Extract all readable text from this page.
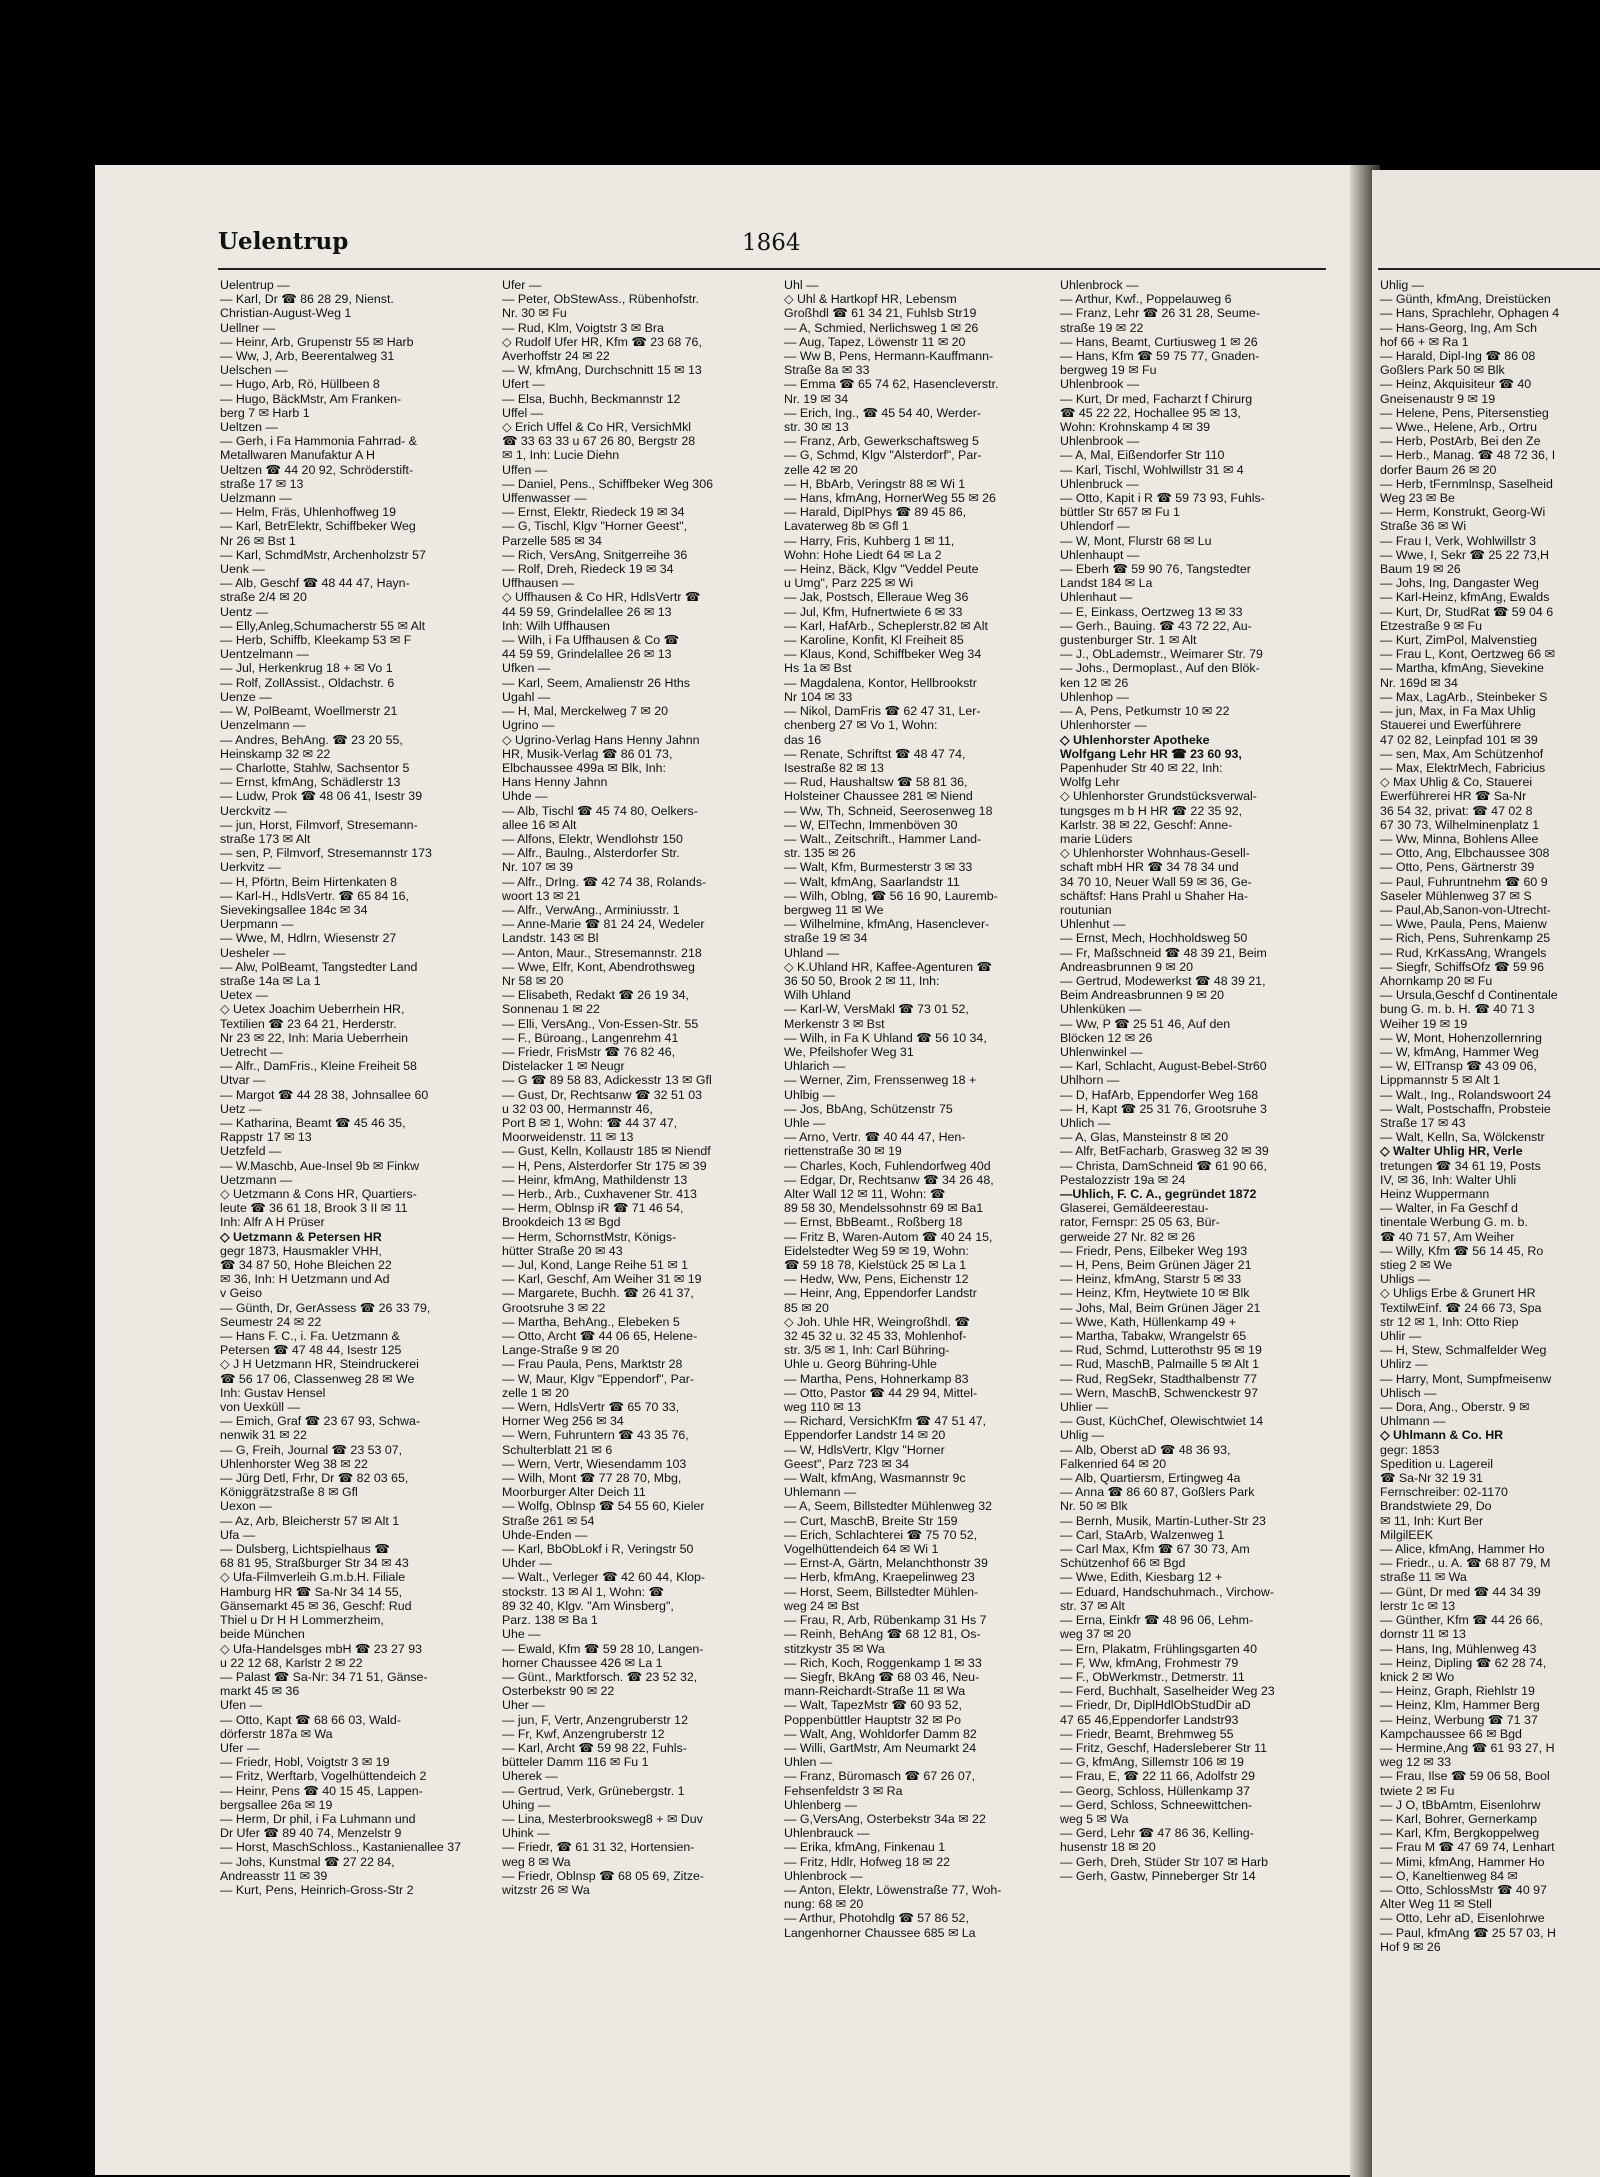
Uelentrup	1864
Uelentrup —
— Karl, Dr ☎ 86 28 29, Nienst.
Christian-August-Weg 1
Uellner —
— Heinr, Arb, Grupenstr 55 ✉ Harb
— Ww, J, Arb, Beerentalweg 31
Uelschen —
— Hugo, Arb, Rö, Hüllbeen 8
— Hugo, BäckMstr, Am Franken-
berg 7 ✉ Harb 1
Ueltzen —
— Gerh, i Fa Hammonia Fahrrad- &
Metallwaren Manufaktur A H
Ueltzen ☎ 44 20 92, Schröderstift-
straße 17 ✉ 13
Uelzmann —
— Helm, Fräs, Uhlenhoffweg 19
— Karl, BetrElektr, Schiffbeker Weg
Nr 26 ✉ Bst 1
— Karl, SchmdMstr, Archenholzstr 57
Uenk —
— Alb, Geschf ☎ 48 44 47, Hayn-
straße 2/4 ✉ 20
Uentz —
— Elly,Anleg,Schumacherstr 55 ✉ Alt
— Herb, Schiffb, Kleekamp 53 ✉ F
Uentzelmann —
— Jul, Herkenkrug 18 + ✉ Vo 1
— Rolf, ZollAssist., Oldachstr. 6
Uenze —
— W, PolBeamt, Woellmerstr 21
Uenzelmann —
— Andres, BehAng. ☎ 23 20 55,
Heinskamp 32 ✉ 22
— Charlotte, Stahlw, Sachsentor 5
— Ernst, kfmAng, Schädlerstr 13
— Ludw, Prok ☎ 48 06 41, Isestr 39
Uerckvitz —
— jun, Horst, Filmvorf, Stresemann-
straße 173 ✉ Alt
— sen, P, Filmvorf, Stresemannstr 173
Uerkvitz —
— H, Pförtn, Beim Hirtenkaten 8
— Karl-H., HdlsVertr. ☎ 65 84 16,
Sievekingsallee 184c ✉ 34
Uerpmann —
— Wwe, M, Hdlrn, Wiesenstr 27
Uesheler —
— Alw, PolBeamt, Tangstedter Land
straße 14a ✉ La 1
Uetex —
◇ Uetex Joachim Ueberrhein HR,
Textilien ☎ 23 64 21, Herderstr.
Nr 23 ✉ 22, Inh: Maria Ueberrhein
Uetrecht —
— Alfr., DamFris., Kleine Freiheit 58
Utvar —
— Margot ☎ 44 28 38, Johnsallee 60
Uetz —
— Katharina, Beamt ☎ 45 46 35,
Rappstr 17 ✉ 13
Uetzfeld —
— W.Maschb, Aue-Insel 9b ✉ Finkw
Uetzmann —
◇ Uetzmann & Cons HR, Quartiers-
leute ☎ 36 61 18, Brook 3 II ✉ 11
Inh: Alfr A H Prüser
◇ Uetzmann & Petersen HR
gegr 1873, Hausmakler VHH,
☎ 34 87 50, Hohe Bleichen 22
✉ 36, Inh: H Uetzmann und Ad
v Geiso
— Günth, Dr, GerAssess ☎ 26 33 79,
Seumestr 24 ✉ 22
— Hans F. C., i. Fa. Uetzmann &
Petersen ☎ 47 48 44, Isestr 125
◇ J H Uetzmann HR, Steindruckerei
☎ 56 17 06, Classenweg 28 ✉ We
Inh: Gustav Hensel
von Uexküll —
— Emich, Graf ☎ 23 67 93, Schwa-
nenwik 31 ✉ 22
— G, Freih, Journal ☎ 23 53 07,
Uhlenhorster Weg 38 ✉ 22
— Jürg Detl, Frhr, Dr ☎ 82 03 65,
Königgrätzstraße 8 ✉ Gfl
Uexon —
— Az, Arb, Bleicherstr 57 ✉ Alt 1
Ufa —
— Dulsberg, Lichtspielhaus ☎
68 81 95, Straßburger Str 34 ✉ 43
◇ Ufa-Filmverleih G.m.b.H. Filiale
Hamburg HR ☎ Sa-Nr 34 14 55,
Gänsemarkt 45 ✉ 36, Geschf: Rud
Thiel u Dr H H Lommerzheim,
beide München
◇ Ufa-Handelsges mbH ☎ 23 27 93
u 22 12 68, Karlstr 2 ✉ 22
— Palast ☎ Sa-Nr: 34 71 51, Gänse-
markt 45 ✉ 36
Ufen —
— Otto, Kapt ☎ 68 66 03, Wald-
dörferstr 187a ✉ Wa
Ufer —
— Friedr, Hobl, Voigtstr 3 ✉ 19
— Fritz, Werftarb, Vogelhüttendeich 2
— Heinr, Pens ☎ 40 15 45, Lappen-
bergsallee 26a ✉ 19
— Herm, Dr phil, i Fa Luhmann und
Dr Ufer ☎ 89 40 74, Menzelstr 9
— Horst, MaschSchloss., Kastanienallee 37
— Johs, Kunstmal ☎ 27 22 84,
Andreasstr 11 ✉ 39
— Kurt, Pens, Heinrich-Gross-Str 2
Ufer —
— Peter, ObStewAss., Rübenhofstr.
Nr. 30 ✉ Fu
— Rud, Klm, Voigtstr 3 ✉ Bra
◇ Rudolf Ufer HR, Kfm ☎ 23 68 76,
Averhoffstr 24 ✉ 22
— W, kfmAng, Durchschnitt 15 ✉ 13
Ufert —
— Elsa, Buchh, Beckmannstr 12
Uffel —
◇ Erich Uffel & Co HR, VersichMkl
☎ 33 63 33 u 67 26 80, Bergstr 28
✉ 1, Inh: Lucie Diehn
Uffen —
— Daniel, Pens., Schiffbeker Weg 306
Uffenwasser —
— Ernst, Elektr, Riedeck 19 ✉ 34
— G, Tischl, Klgv "Horner Geest",
Parzelle 585 ✉ 34
— Rich, VersAng, Snitgerreihe 36
— Rolf, Dreh, Riedeck 19 ✉ 34
Uffhausen —
◇ Uffhausen & Co HR, HdlsVertr ☎
44 59 59, Grindelallee 26 ✉ 13
Inh: Wilh Uffhausen
— Wilh, i Fa Uffhausen & Co ☎
44 59 59, Grindelallee 26 ✉ 13
Ufken —
— Karl, Seem, Amalienstr 26 Hths
Ugahl —
— H, Mal, Merckelweg 7 ✉ 20
Ugrino —
◇ Ugrino-Verlag Hans Henny Jahnn
HR, Musik-Verlag ☎ 86 01 73,
Elbchaussee 499a ✉ Blk, Inh:
Hans Henny Jahnn
Uhde —
— Alb, Tischl ☎ 45 74 80, Oelkers-
allee 16 ✉ Alt
— Alfons, Elektr, Wendlohstr 150
— Alfr., Baulng., Alsterdorfer Str.
Nr. 107 ✉ 39
— Alfr., DrIng. ☎ 42 74 38, Rolands-
woort 13 ✉ 21
— Alfr., VerwAng., Arminiusstr. 1
— Anne-Marie ☎ 81 24 24, Wedeler
Landstr. 143 ✉ Bl
— Anton, Maur., Stresemannstr. 218
— Wwe, Elfr, Kont, Abendrothsweg
Nr 58 ✉ 20
— Elisabeth, Redakt ☎ 26 19 34,
Sonnenau 1 ✉ 22
— Elli, VersAng., Von-Essen-Str. 55
— F., Büroang., Langenrehm 41
— Friedr, FrisMstr ☎ 76 82 46,
Distelacker 1 ✉ Neugr
— G ☎ 89 58 83, Adickesstr 13 ✉ Gfl
— Gust, Dr, Rechtsanw ☎ 32 51 03
u 32 03 00, Hermannstr 46,
Port B ✉ 1, Wohn: ☎ 44 37 47,
Moorweidenstr. 11 ✉ 13
— Gust, Kelln, Kollaustr 185 ✉ Niendf
— H, Pens, Alsterdorfer Str 175 ✉ 39
— Heinr, kfmAng, Mathildenstr 13
— Herb., Arb., Cuxhavener Str. 413
— Herm, Oblnsp iR ☎ 71 46 54,
Brookdeich 13 ✉ Bgd
— Herm, SchornstMstr, Königs-
hütter Straße 20 ✉ 43
— Jul, Kond, Lange Reihe 51 ✉ 1
— Karl, Geschf, Am Weiher 31 ✉ 19
— Margarete, Buchh. ☎ 26 41 37,
Grootsruhe 3 ✉ 22
— Martha, BehAng., Elebeken 5
— Otto, Archt ☎ 44 06 65, Helene-
Lange-Straße 9 ✉ 20
— Frau Paula, Pens, Marktstr 28
— W, Maur, Klgv "Eppendorf", Par-
zelle 1 ✉ 20
— Wern, HdlsVertr ☎ 65 70 33,
Horner Weg 256 ✉ 34
— Wern, Fuhruntern ☎ 43 35 76,
Schulterblatt 21 ✉ 6
— Wern, Vertr, Wiesendamm 103
— Wilh, Mont ☎ 77 28 70, Mbg,
Moorburger Alter Deich 11
— Wolfg, Oblnsp ☎ 54 55 60, Kieler
Straße 261 ✉ 54
Uhde-Enden —
— Karl, BbObLokf i R, Veringstr 50
Uhder —
— Walt., Verleger ☎ 42 60 44, Klop-
stockstr. 13 ✉ Al 1, Wohn: ☎
89 32 40, Klgv. "Am Winsberg",
Parz. 138 ✉ Ba 1
Uhe —
— Ewald, Kfm ☎ 59 28 10, Langen-
horner Chaussee 426 ✉ La 1
— Günt., Marktforsch. ☎ 23 52 32,
Osterbekstr 90 ✉ 22
Uher —
— jun, F, Vertr, Anzengruberstr 12
— Fr, Kwf, Anzengruberstr 12
— Karl, Archt ☎ 59 98 22, Fuhls-
bütteler Damm 116 ✉ Fu 1
Uherek —
— Gertrud, Verk, Grünebergstr. 1
Uhing —
— Lina, Mesterbrooksweg8 + ✉ Duv
Uhink —
— Friedr, ☎ 61 31 32, Hortensien-
weg 8 ✉ Wa
— Friedr, Oblnsp ☎ 68 05 69, Zitze-
witzstr 26 ✉ Wa
Uhl —
◇ Uhl & Hartkopf HR, Lebensm
Großhdl ☎ 61 34 21, Fuhlsb Str19
— A, Schmied, Nerlichsweg 1 ✉ 26
— Aug, Tapez, Löwenstr 11 ✉ 20
— Ww B, Pens, Hermann-Kauffmann-
Straße 8a ✉ 33
— Emma ☎ 65 74 62, Hasencleverstr.
Nr. 19 ✉ 34
— Erich, Ing., ☎ 45 54 40, Werder-
str. 30 ✉ 13
— Franz, Arb, Gewerkschaftsweg 5
— G, Schmd, Klgv "Alsterdorf", Par-
zelle 42 ✉ 20
— H, BbArb, Veringstr 88 ✉ Wi 1
— Hans, kfmAng, HornerWeg 55 ✉ 26
— Harald, DiplPhys ☎ 89 45 86,
Lavaterweg 8b ✉ Gfl 1
— Harry, Fris, Kuhberg 1 ✉ 11,
Wohn: Hohe Liedt 64 ✉ La 2
— Heinz, Bäck, Klgv "Veddel Peute
u Umg", Parz 225 ✉ Wi
— Jak, Postsch, Elleraue Weg 36
— Jul, Kfm, Hufnertwiete 6 ✉ 33
— Karl, HafArb., Scheplerstr.82 ✉ Alt
— Karoline, Konfit, Kl Freiheit 85
— Klaus, Kond, Schiffbeker Weg 34
Hs 1a ✉ Bst
— Magdalena, Kontor, Hellbrookstr
Nr 104 ✉ 33
— Nikol, DamFris ☎ 62 47 31, Ler-
chenberg 27 ✉ Vo 1, Wohn:
das 16
— Renate, Schriftst ☎ 48 47 74,
Isestraße 82 ✉ 13
— Rud, Haushaltsw ☎ 58 81 36,
Holsteiner Chaussee 281 ✉ Niend
— Ww, Th, Schneid, Seerosenweg 18
— W, ElTechn, Immenböven 30
— Walt., Zeitschrift., Hammer Land-
str. 135 ✉ 26
— Walt, Kfm, Burmesterstr 3 ✉ 33
— Walt, kfmAng, Saarlandstr 11
— Wilh, Oblng, ☎ 56 16 90, Lauremb-
bergweg 11 ✉ We
— Wilhelmine, kfmAng, Hasenclever-
straße 19 ✉ 34
Uhland —
◇ K.Uhland HR, Kaffee-Agenturen ☎
36 50 50, Brook 2 ✉ 11, Inh:
Wilh Uhland
— Karl-W, VersMakl ☎ 73 01 52,
Merkenstr 3 ✉ Bst
— Wilh, in Fa K Uhland ☎ 56 10 34,
We, Pfeilshofer Weg 31
Uhlarich —
— Werner, Zim, Frenssenweg 18 +
Uhlbig —
— Jos, BbAng, Schützenstr 75
Uhle —
— Arno, Vertr. ☎ 40 44 47, Hen-
riettenstraße 30 ✉ 19
— Charles, Koch, Fuhlendorfweg 40d
— Edgar, Dr, Rechtsanw ☎ 34 26 48,
Alter Wall 12 ✉ 11, Wohn: ☎
89 58 30, Mendelssohnstr 69 ✉ Ba1
— Ernst, BbBeamt., Roßberg 18
— Fritz B, Waren-Autom ☎ 40 24 15,
Eidelstedter Weg 59 ✉ 19, Wohn:
☎ 59 18 78, Kielstück 25 ✉ La 1
— Hedw, Ww, Pens, Eichenstr 12
— Heinr, Ang, Eppendorfer Landstr
85 ✉ 20
◇ Joh. Uhle HR, Weingroßhdl. ☎
32 45 32 u. 32 45 33, Mohlenhof-
str. 3/5 ✉ 1, Inh: Carl Bühring-
Uhle u. Georg Bühring-Uhle
— Martha, Pens, Hohnerkamp 83
— Otto, Pastor ☎ 44 29 94, Mittel-
weg 110 ✉ 13
— Richard, VersichKfm ☎ 47 51 47,
Eppendorfer Landstr 14 ✉ 20
— W, HdlsVertr, Klgv "Horner
Geest", Parz 723 ✉ 34
— Walt, kfmAng, Wasmannstr 9c
Uhlemann —
— A, Seem, Billstedter Mühlenweg 32
— Curt, MaschB, Breite Str 159
— Erich, Schlachterei ☎ 75 70 52,
Vogelhüttendeich 64 ✉ Wi 1
— Ernst-A, Gärtn, Melanchthonstr 39
— Herb, kfmAng, Kraepelinweg 23
— Horst, Seem, Billstedter Mühlen-
weg 24 ✉ Bst
— Frau, R, Arb, Rübenkamp 31 Hs 7
— Reinh, BehAng ☎ 68 12 81, Os-
stitzkystr 35 ✉ Wa
— Rich, Koch, Roggenkamp 1 ✉ 33
— Siegfr, BkAng ☎ 68 03 46, Neu-
mann-Reichardt-Straße 11 ✉ Wa
— Walt, TapezMstr ☎ 60 93 52,
Poppenbüttler Hauptstr 32 ✉ Po
— Walt, Ang, Wohldorfer Damm 82
— Willi, GartMstr, Am Neumarkt 24
Uhlen —
— Franz, Büromasch ☎ 67 26 07,
Fehsenfeldstr 3 ✉ Ra
Uhlenberg —
— G,VersAng, Osterbekstr 34a ✉ 22
Uhlenbrauck —
— Erika, kfmAng, Finkenau 1
— Fritz, Hdlr, Hofweg 18 ✉ 22
Uhlenbrock —
— Anton, Elektr, Löwenstraße 77, Woh-
nung: 68 ✉ 20
— Arthur, Photohdlg ☎ 57 86 52,
Langenhorner Chaussee 685 ✉ La
Uhlenbrock —
— Arthur, Kwf., Poppelauweg 6
— Franz, Lehr ☎ 26 31 28, Seume-
straße 19 ✉ 22
— Hans, Beamt, Curtiusweg 1 ✉ 26
— Hans, Kfm ☎ 59 75 77, Gnaden-
bergweg 19 ✉ Fu
Uhlenbrook —
— Kurt, Dr med, Facharzt f Chirurg
☎ 45 22 22, Hochallee 95 ✉ 13,
Wohn: Krohnskamp 4 ✉ 39
Uhlenbrook —
— A, Mal, Eißendorfer Str 110
— Karl, Tischl, Wohlwillstr 31 ✉ 4
Uhlenbruck —
— Otto, Kapit i R ☎ 59 73 93, Fuhls-
büttler Str 657 ✉ Fu 1
Uhlendorf —
— W, Mont, Flurstr 68 ✉ Lu
Uhlenhaupt —
— Eberh ☎ 59 90 76, Tangstedter
Landst 184 ✉ La
Uhlenhaut —
— E, Einkass, Oertzweg 13 ✉ 33
— Gerh., Bauing. ☎ 43 72 22, Au-
gustenburger Str. 1 ✉ Alt
— J., ObLademstr., Weimarer Str. 79
— Johs., Dermoplast., Auf den Blök-
ken 12 ✉ 26
Uhlenhop —
— A, Pens, Petkumstr 10 ✉ 22
Uhlenhorster —
◇ Uhlenhorster Apotheke
Wolfgang Lehr HR ☎ 23 60 93,
Papenhuder Str 40 ✉ 22, Inh:
Wolfg Lehr
◇ Uhlenhorster Grundstücksverwal-
tungsges m b H HR ☎ 22 35 92,
Karlstr. 38 ✉ 22, Geschf: Anne-
marie Lüders
◇ Uhlenhorster Wohnhaus-Gesell-
schaft mbH HR ☎ 34 78 34 und
34 70 10, Neuer Wall 59 ✉ 36, Ge-
schäftsf: Hans Prahl u Shaher Ha-
routunian
Uhlenhut —
— Ernst, Mech, Hochholdsweg 50
— Fr, Maßschneid ☎ 48 39 21, Beim
Andreasbrunnen 9 ✉ 20
— Gertrud, Modewerkst ☎ 48 39 21,
Beim Andreasbrunnen 9 ✉ 20
Uhlenküken —
— Ww, P ☎ 25 51 46, Auf den
Blöcken 12 ✉ 26
Uhlenwinkel —
— Karl, Schlacht, August-Bebel-Str60
Uhlhorn —
— D, HafArb, Eppendorfer Weg 168
— H, Kapt ☎ 25 31 76, Grootsruhe 3
Uhlich —
— A, Glas, Mansteinstr 8 ✉ 20
— Alfr, BetFacharb, Grasweg 32 ✉ 39
— Christa, DamSchneid ☎ 61 90 66,
Pestalozzistr 19a ✉ 24
—Uhlich, F. C. A., gegründet 1872
Glaserei, Gemäldeerestau-
rator, Fernspr: 25 05 63, Bür-
gerweide 27 Nr. 82 ✉ 26
— Friedr, Pens, Eilbeker Weg 193
— H, Pens, Beim Grünen Jäger 21
— Heinz, kfmAng, Starstr 5 ✉ 33
— Heinz, Kfm, Heytwiete 10 ✉ Blk
— Johs, Mal, Beim Grünen Jäger 21
— Wwe, Kath, Hüllenkamp 49 +
— Martha, Tabakw, Wrangelstr 65
— Rud, Schmd, Lutterothstr 95 ✉ 19
— Rud, MaschB, Palmaille 5 ✉ Alt 1
— Rud, RegSekr, Stadthalbenstr 77
— Wern, MaschB, Schwenckestr 97
Uhlier —
— Gust, KüchChef, Olewischtwiet 14
Uhlig —
— Alb, Oberst aD ☎ 48 36 93,
Falkenried 64 ✉ 20
— Alb, Quartiersm, Ertingweg 4a
— Anna ☎ 86 60 87, Goßlers Park
Nr. 50 ✉ Blk
— Bernh, Musik, Martin-Luther-Str 23
— Carl, StaArb, Walzenweg 1
— Carl Max, Kfm ☎ 67 30 73, Am
Schützenhof 66 ✉ Bgd
— Wwe, Edith, Kiesbarg 12 +
— Eduard, Handschuhmach., Virchow-
str. 37 ✉ Alt
— Erna, Einkfr ☎ 48 96 06, Lehm-
weg 37 ✉ 20
— Ern, Plakatm, Frühlingsgarten 40
— F, Ww, kfmAng, Frohmestr 79
— F., ObWerkmstr., Detmerstr. 11
— Ferd, Buchhalt, Saselheider Weg 23
— Friedr, Dr, DiplHdlObStudDir aD
47 65 46,Eppendorfer Landstr93
— Friedr, Beamt, Brehmweg 55
— Fritz, Geschf, Hadersleberer Str 11
— G, kfmAng, Sillemstr 106 ✉ 19
— Frau, E, ☎ 22 11 66, Adolfstr 29
— Georg, Schloss, Hüllenkamp 37
— Gerd, Schloss, Schneewittchen-
weg 5 ✉ Wa
— Gerd, Lehr ☎ 47 86 36, Kelling-
husenstr 18 ✉ 20
— Gerh, Dreh, Stüder Str 107 ✉ Harb
— Gerh, Gastw, Pinneberger Str 14
Uhlig —
— Günth, kfmAng, Dreistücken
— Hans, Sprachlehr, Ophagen 4
— Hans-Georg, Ing, Am Sch
hof 66 + ✉ Ra 1
— Harald, Dipl-Ing ☎ 86 08
Goßlers Park 50 ✉ Blk
— Heinz, Akquisiteur ☎ 40
Gneisenaustr 9 ✉ 19
— Helene, Pens, Pitersenstieg
— Wwe., Helene, Arb., Ortru
— Herb, PostArb, Bei den Ze
— Herb., Manag. ☎ 48 72 36, I
dorfer Baum 26 ✉ 20
— Herb, tFernmlnsp, Saselheid
Weg 23 ✉ Be
— Herm, Konstrukt, Georg-Wi
Straße 36 ✉ Wi
— Frau I, Verk, Wohlwillstr 3
— Wwe, I, Sekr ☎ 25 22 73,H
Baum 19 ✉ 26
— Johs, Ing, Dangaster Weg
— Karl-Heinz, kfmAng, Ewalds
— Kurt, Dr, StudRat ☎ 59 04 6
Etzestraße 9 ✉ Fu
— Kurt, ZimPol, Malvenstieg
— Frau L, Kont, Oertzweg 66 ✉
— Martha, kfmAng, Sievekine
Nr. 169d ✉ 34
— Max, LagArb., Steinbeker S
— jun, Max, in Fa Max Uhlig
Stauerei und Ewerführere
47 02 82, Leinpfad 101 ✉ 39
— sen, Max, Am Schützenhof
— Max, ElektrMech, Fabricius
◇ Max Uhlig & Co, Stauerei
Ewerführerei HR ☎ Sa-Nr
36 54 32, privat: ☎ 47 02 8
67 30 73, Wilhelminenplatz 1
— Ww, Minna, Bohlens Allee
— Otto, Ang, Elbchaussee 308
— Otto, Pens, Gärtnerstr 39
— Paul, Fuhruntnehm ☎ 60 9
Saseler Mühlenweg 37 ✉ S
— Paul,Ab,Sanon-von-Utrecht-
— Wwe, Paula, Pens, Maienw
— Rich, Pens, Suhrenkamp 25
— Rud, KrKassAng, Wrangels
— Siegfr, SchiffsOfz ☎ 59 96
Ahornkamp 20 ✉ Fu
— Ursula,Geschf d Continentale
bung G. m. b. H. ☎ 40 71 3
Weiher 19 ✉ 19
— W, Mont, Hohenzollernring
— W, kfmAng, Hammer Weg
— W, ElTransp ☎ 43 09 06,
Lippmannstr 5 ✉ Alt 1
— Walt., Ing., Rolandswoort 24
— Walt, Postschaffn, Probsteie
Straße 17 ✉ 43
— Walt, Kelln, Sa, Wölckenstr
◇ Walter Uhlig HR, Verle
tretungen ☎ 34 61 19, Posts
IV, ✉ 36, Inh: Walter Uhli
Heinz Wuppermann
— Walter, in Fa Geschf d
tinentale Werbung G. m. b.
☎ 40 71 57, Am Weiher
— Willy, Kfm ☎ 56 14 45, Ro
stieg 2 ✉ We
Uhligs —
◇ Uhligs Erbe & Grunert HR
TextilwEinf. ☎ 24 66 73, Spa
str 12 ✉ 1, Inh: Otto Riep
Uhlir —
— H, Stew, Schmalfelder Weg
Uhlirz —
— Harry, Mont, Sumpfmeisenw
Uhlisch —
— Dora, Ang., Oberstr. 9 ✉
Uhlmann —
◇ Uhlmann & Co. HR
gegr: 1853
Spedition u. Lagereil
☎ Sa-Nr 32 19 31
Fernschreiber: 02-1170
Brandstwiete 29, Do
✉ 11, Inh: Kurt Ber
MilgilEEK
— Alice, kfmAng, Hammer Ho
— Friedr., u. A. ☎ 68 87 79, M
straße 11 ✉ Wa
— Günt, Dr med ☎ 44 34 39
lerstr 1c ✉ 13
— Günther, Kfm ☎ 44 26 66,
dornstr 11 ✉ 13
— Hans, Ing, Mühlenweg 43
— Heinz, Dipling ☎ 62 28 74,
knick 2 ✉ Wo
— Heinz, Graph, Riehlstr 19
— Heinz, Klm, Hammer Berg
— Heinz, Werbung ☎ 71 37
Kampchaussee 66 ✉ Bgd
— Hermine,Ang ☎ 61 93 27, H
weg 12 ✉ 33
— Frau, Ilse ☎ 59 06 58, Bool
twiete 2 ✉ Fu
— J O, tBbAmtm, Eisenlohrw
— Karl, Bohrer, Gernerkamp
— Karl, Kfm, Bergkoppelweg
— Frau M ☎ 47 69 74, Lenhart
— Mimi, kfmAng, Hammer Ho
— O, Kaneltienweg 84 ✉
— Otto, SchlossMstr ☎ 40 97
Alter Weg 11 ✉ Stell
— Otto, Lehr aD, Eisenlohrwe
— Paul, kfmAng ☎ 25 57 03, H
Hof 9 ✉ 26
